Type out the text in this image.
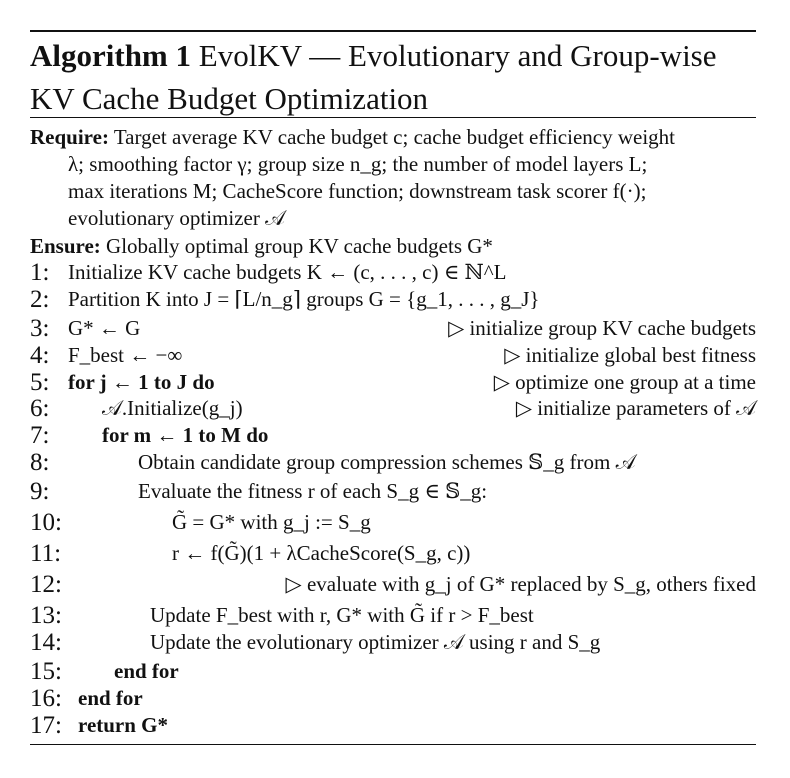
Algorithm 1 EvolKV — Evolutionary and Group-wise KV Cache Budget Optimization
Require: Target average KV cache budget c; cache budget efficiency weight
λ; smoothing factor γ; group size n_g; the number of model layers L;
max iterations M; CacheScore function; downstream task scorer f(·);
evolutionary optimizer 𝒜
Ensure: Globally optimal group KV cache budgets G*
1: Initialize KV cache budgets K ← (c, . . . , c) ∈ ℕ^L
2: Partition K into J = ⌈L/n_g⌉ groups G = {g_1, . . . , g_J}
3: G* ← G	▷ initialize group KV cache budgets
4: F_best ← −∞	▷ initialize global best fitness
5: for j ← 1 to J do	▷ optimize one group at a time
6:	𝒜.Initialize(g_j)	▷ initialize parameters of 𝒜
7:	for m ← 1 to M do
8:	Obtain candidate group compression schemes 𝕊_g from 𝒜
9:	Evaluate the fitness r of each S_g ∈ 𝕊_g:
10:	G̃ = G* with g_j := S_g
11:	r ← f(G̃)(1 + λCacheScore(S_g, c))
12:	▷ evaluate with g_j of G* replaced by S_g, others fixed
13:	Update F_best with r, G* with G̃ if r > F_best
14:	Update the evolutionary optimizer 𝒜 using r and S_g
15: end for
16: end for
17: return G*
